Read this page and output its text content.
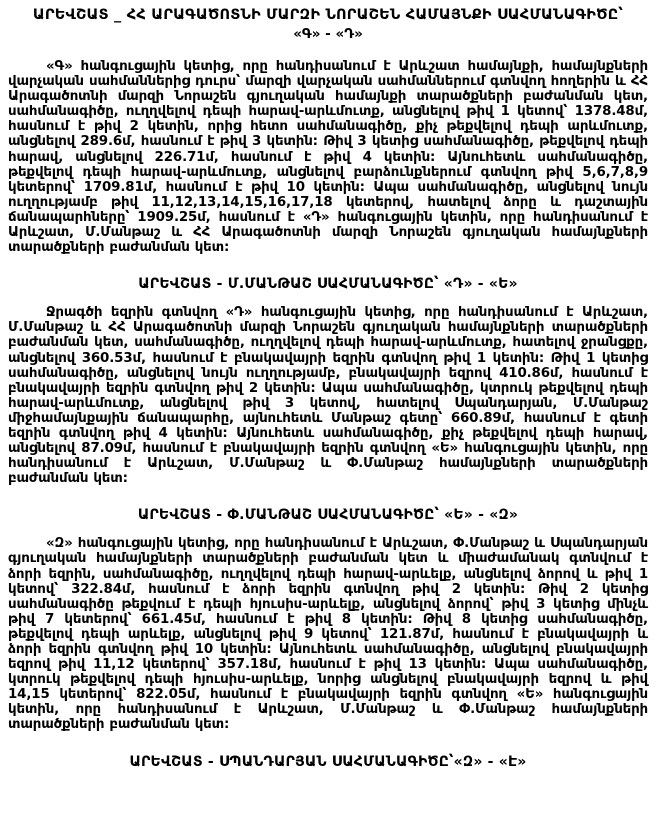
ԱՐԵՎՇԱՏ _ ՀՀ ԱՐԱԳԱԾՈՏՆԻ ՄԱՐԶԻ ՆՈՐԱՇԵՆ ՀԱՄԱՅՆՔԻ ՍԱՀՄԱՆԱԳԻԾԸ՝
«Գ» - «Դ»

«Գ» հանգուցային կետից, որը հանդիսանում է Արևշատ համայնքի, համայնքների վարչական սահմաններից դուրս՝ մարզի վարչական սահմաններում գտնվող հողերին և ՀՀ Արագածոտնի մարզի Նորաշեն գյուղական համայնքի տարածքների բաժանման կետ, սահմանագիծը, ուղղվելով դեպի հարավ-արևմուտք, անցնելով թիվ 1 կետով՝ 1378.48մ, հասնում է թիվ 2 կետին, որից հետո սահմանագիծը, քիչ թեքվելով դեպի արևմուտք, անցնելով 289.6մ, հասնում է թիվ 3 կետին: Թիվ 3 կետից սահմանագիծը, թեքվելով դեպի հարավ, անցնելով 226.71մ, հասնում է թիվ 4 կետին: Այնուհետև սահմանագիծը, թեքվելով դեպի հարավ-արևմուտք, անցնելով բարձունքներում գտնվող թիվ 5,6,7,8,9 կետերով՝ 1709.81մ, հասնում է թիվ 10 կետին: Ապա սահմանագիծը, անցնելով նույն ուղղությամբ թիվ 11,12,13,14,15,16,17,18 կետերով, հատելով ձորը և դաշտային ճանապարհները՝ 1909.25մ, հասնում է «Դ» հանգուցային կետին, որը հանդիսանում է Արևշատ, Մ.Մանթաշ և ՀՀ Արագածոտնի մարզի Նորաշեն գյուղական համայնքների տարածքների բաժանման կետ:

ԱՐԵՎՇԱՏ - Մ.ՄԱՆԹԱՇ ՍԱՀՄԱՆԱԳԻԾԸ՝ «Դ» - «Ե»

Ջրագծի եզրին գտնվող «Դ» հանգուցային կետից, որը հանդիսանում է Արևշատ, Մ.Մանթաշ և ՀՀ Արագածոտնի մարզի Նորաշեն գյուղական համայնքների տարածքների բաժանման կետ, սահմանագիծը, ուղղվելով դեպի հարավ-արևմուտք, հատելով ջրանցքը, անցնելով 360.53մ, հասնում է բնակավայրի եզրին գտնվող թիվ 1 կետին: Թիվ 1 կետից սահմանագիծը, անցնելով նույն ուղղությամբ, բնակավայրի եզրով 410.86մ, հասնում է բնակավայրի եզրին գտնվող թիվ 2 կետին: Ապա սահմանագիծը, կտրուկ թեքվելով դեպի հարավ-արևմուտք, անցնելով թիվ 3 կետով, հատելով Սպանդարյան, Մ.Մանթաշ միջհամայնքային ճանապարհը, այնուհետև Մանթաշ գետը՝ 660.89մ, հասնում է գետի եզրին գտնվող թիվ 4 կետին: Այնուհետև սահմանագիծը, քիչ թեքվելով դեպի հարավ, անցնելով 87.09մ, հասնում է բնակավայրի եզրին գտնվող «Ե» հանգուցային կետին, որը հանդիսանում է Արևշատ, Մ.Մանթաշ և Փ.Մանթաշ համայնքների տարածքների բաժանման կետ:

ԱՐԵՎՇԱՏ - Փ.ՄԱՆԹԱՇ ՍԱՀՄԱՆԱԳԻԾԸ՝ «Ե» - «Զ»

«Զ» հանգուցային կետից, որը հանդիսանում է Արևշատ, Փ.Մանթաշ և Սպանդարյան գյուղական համայնքների տարածքների բաժանման կետ և միաժամանակ գտնվում է ձորի եզրին, սահմանագիծը, ուղղվելով դեպի հարավ-արևելք, անցնելով ձորով և թիվ 1 կետով՝ 322.84մ, հասնում է ձորի եզրին գտնվող թիվ 2 կետին: Թիվ 2 կետից սահմանագիծը թեքվում է դեպի հյուսիս-արևելք, անցնելով ձորով՝ թիվ 3 կետից մինչև թիվ 7 կետերով՝ 661.45մ, հասնում է թիվ 8 կետին: Թիվ 8 կետից սահմանագիծը, թեքվելով դեպի արևելք, անցնելով թիվ 9 կետով՝ 121.87մ, հասնում է բնակավայրի և ձորի եզրին գտնվող թիվ 10 կետին: Այնուհետև սահմանագիծը, անցնելով բնակավայրի եզրով թիվ 11,12 կետերով՝ 357.18մ, հասնում է թիվ 13 կետին: Ապա սահմանագիծը, կտրուկ թեքվելով դեպի հյուսիս-արևելք, նորից անցնելով բնակավայրի եզրով և թիվ 14,15 կետերով՝ 822.05մ, հասնում է բնակավայրի եզրին գտնվող «Ե» հանգուցային կետին, որը հանդիսանում է Արևշատ, Մ.Մանթաշ և Փ.Մանթաշ համայնքների տարածքների բաժանման կետ:

ԱՐԵՎՇԱՏ - ՍՊԱՆԴԱՐՅԱՆ ՍԱՀՄԱՆԱԳԻԾԸ՝«Զ» - «Է»
